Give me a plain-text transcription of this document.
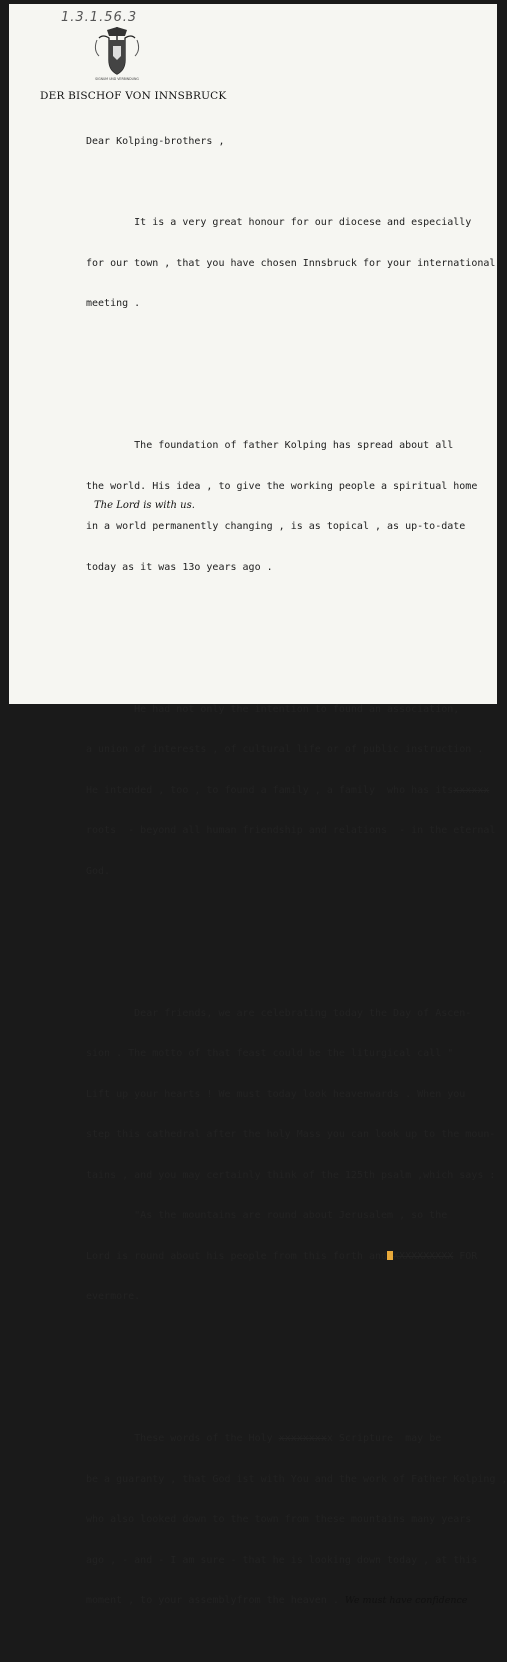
1.3.1.56.3
SIGNUM UND VERBINDUNG
DER BISCHOF VON INNSBRUCK

Dear Kolping-brothers ,

It is a very great honour for our diocese and especially

for our town , that you have chosen Innsbruck for your international

meeting .

The foundation of father Kolping has spread about all

the world. His idea , to give the working people a spiritual home

in a world permanently changing , is as topical , as up-to-date

today as it was 13o years ago .

He had not only the intention to found an association,

a union of interests , of cultural life or of public instruction .

He intended , too , to found a family , a family  who has itsxxxxxx

roots  - beyond all human friendship and relations  - in the eternal

God.

Dear friends, we are celebrating today the Day of Ascen-

sion . The motto of that feast could be the liturgical call "

Lift up your hearts ! We must today look heavenwards . When you

step this cathedral after the holy Mass you can look up to the moun-

tains , and you may certainly think of the 125th psalm ,which says :

"As the mountains are round about Jerusalem , so the

Lord is round about his people from this forth and XXXXXXXXXX FOR

evermore.

These words of the Holy xxxxxxxxx Scripture  may be

be a guaranty , that God ist with You and the work of Father Kolping ,

who also looked down to the town from these mountains many years

ago , - and - I am sure - that he is looking down today , at this

moment , to your assemblyfrom the heaven . We must have confidence

The Lord is with us.
